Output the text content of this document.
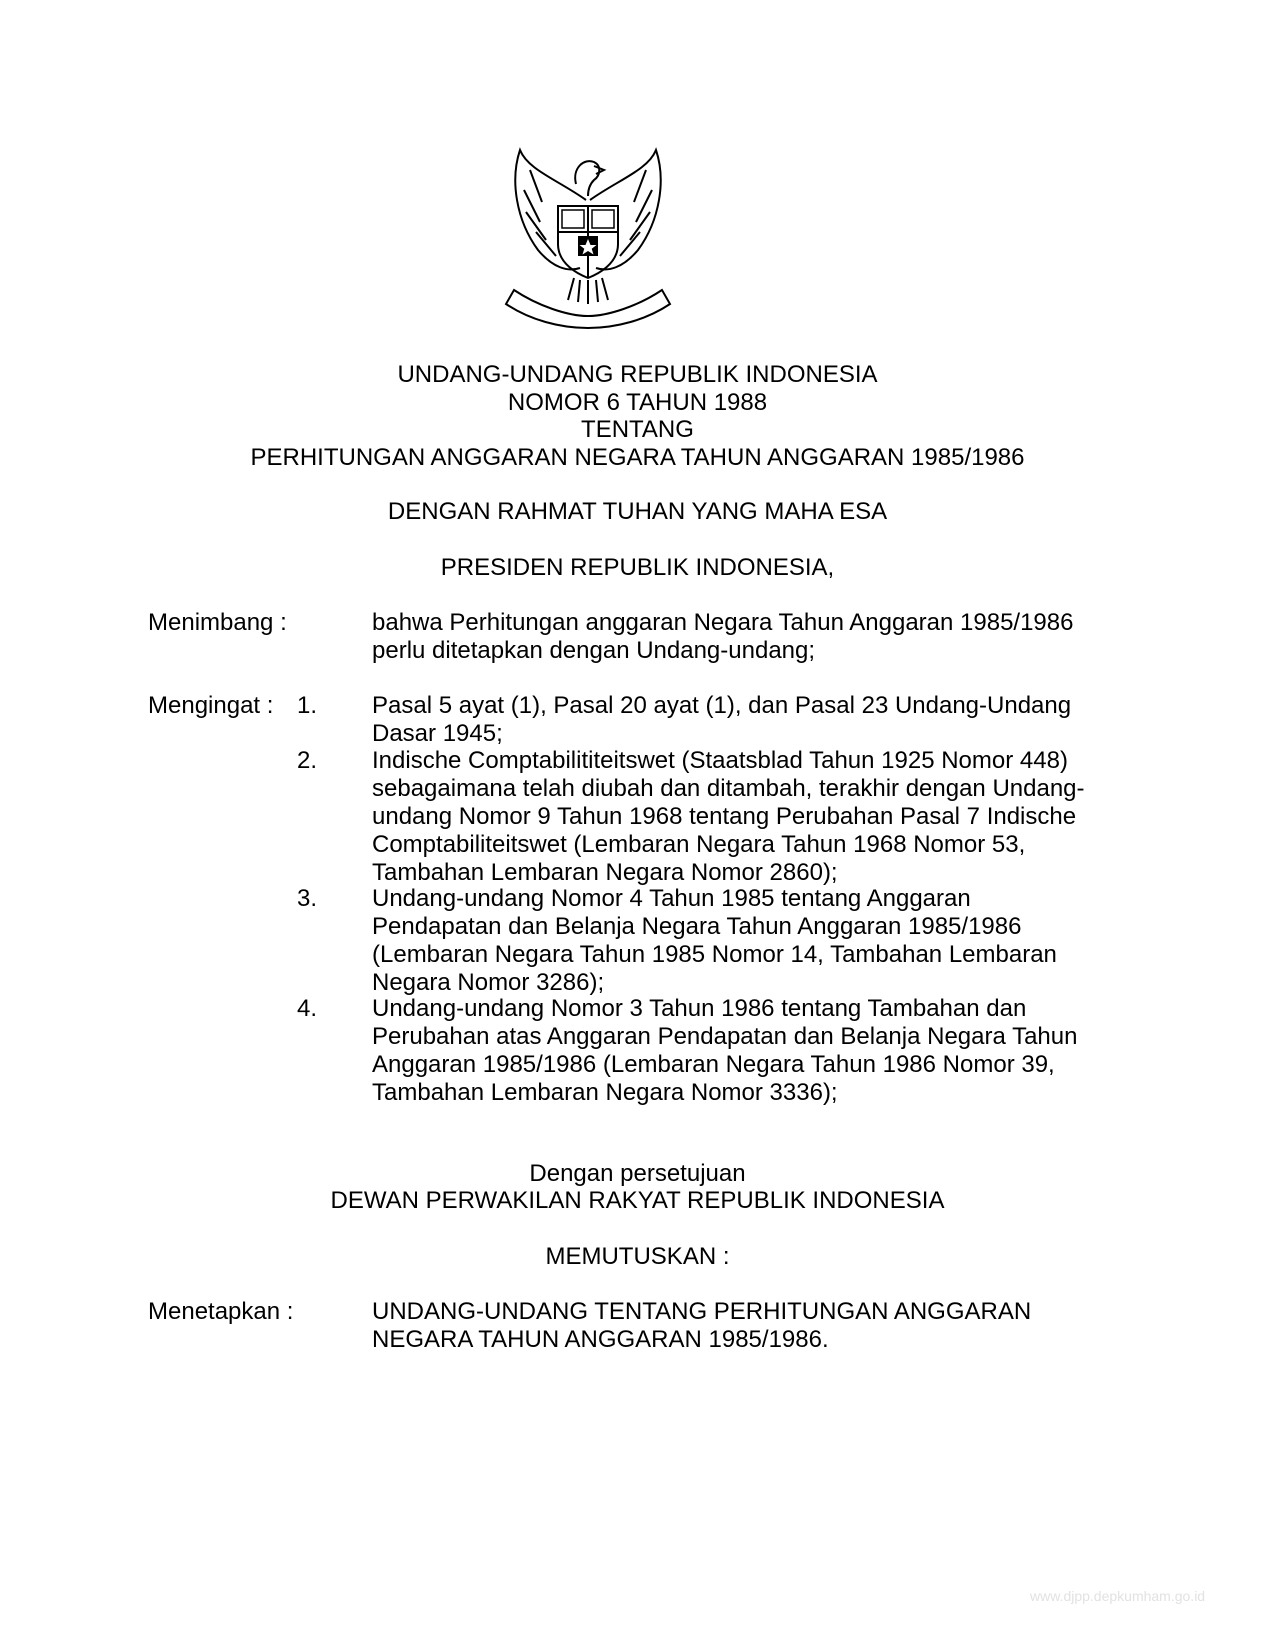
UNDANG-UNDANG REPUBLIK INDONESIA
NOMOR 6 TAHUN 1988
TENTANG
PERHITUNGAN ANGGARAN NEGARA TAHUN ANGGARAN 1985/1986
DENGAN RAHMAT TUHAN YANG MAHA ESA
PRESIDEN REPUBLIK INDONESIA,
Menimbang :	bahwa Perhitungan anggaran Negara Tahun Anggaran 1985/1986 perlu ditetapkan dengan Undang-undang;
Mengingat : 1. Pasal 5 ayat (1), Pasal 20 ayat (1), dan Pasal 23 Undang-Undang Dasar 1945;
2. Indische Comptabilititeitswet (Staatsblad Tahun 1925 Nomor 448) sebagaimana telah diubah dan ditambah, terakhir dengan Undang-undang Nomor 9 Tahun 1968 tentang Perubahan Pasal 7 Indische Comptabiliteitswet (Lembaran Negara Tahun 1968 Nomor 53, Tambahan Lembaran Negara Nomor 2860);
3. Undang-undang Nomor 4 Tahun 1985 tentang Anggaran Pendapatan dan Belanja Negara Tahun Anggaran 1985/1986 (Lembaran Negara Tahun 1985 Nomor 14, Tambahan Lembaran Negara Nomor 3286);
4. Undang-undang Nomor 3 Tahun 1986 tentang Tambahan dan Perubahan atas Anggaran Pendapatan dan Belanja Negara Tahun Anggaran 1985/1986 (Lembaran Negara Tahun 1986 Nomor 39, Tambahan Lembaran Negara Nomor 3336);
Dengan persetujuan
DEWAN PERWAKILAN RAKYAT REPUBLIK INDONESIA
MEMUTUSKAN :
Menetapkan :	UNDANG-UNDANG TENTANG PERHITUNGAN ANGGARAN
NEGARA TAHUN ANGGARAN 1985/1986.
www.djpp.depkumham.go.id
